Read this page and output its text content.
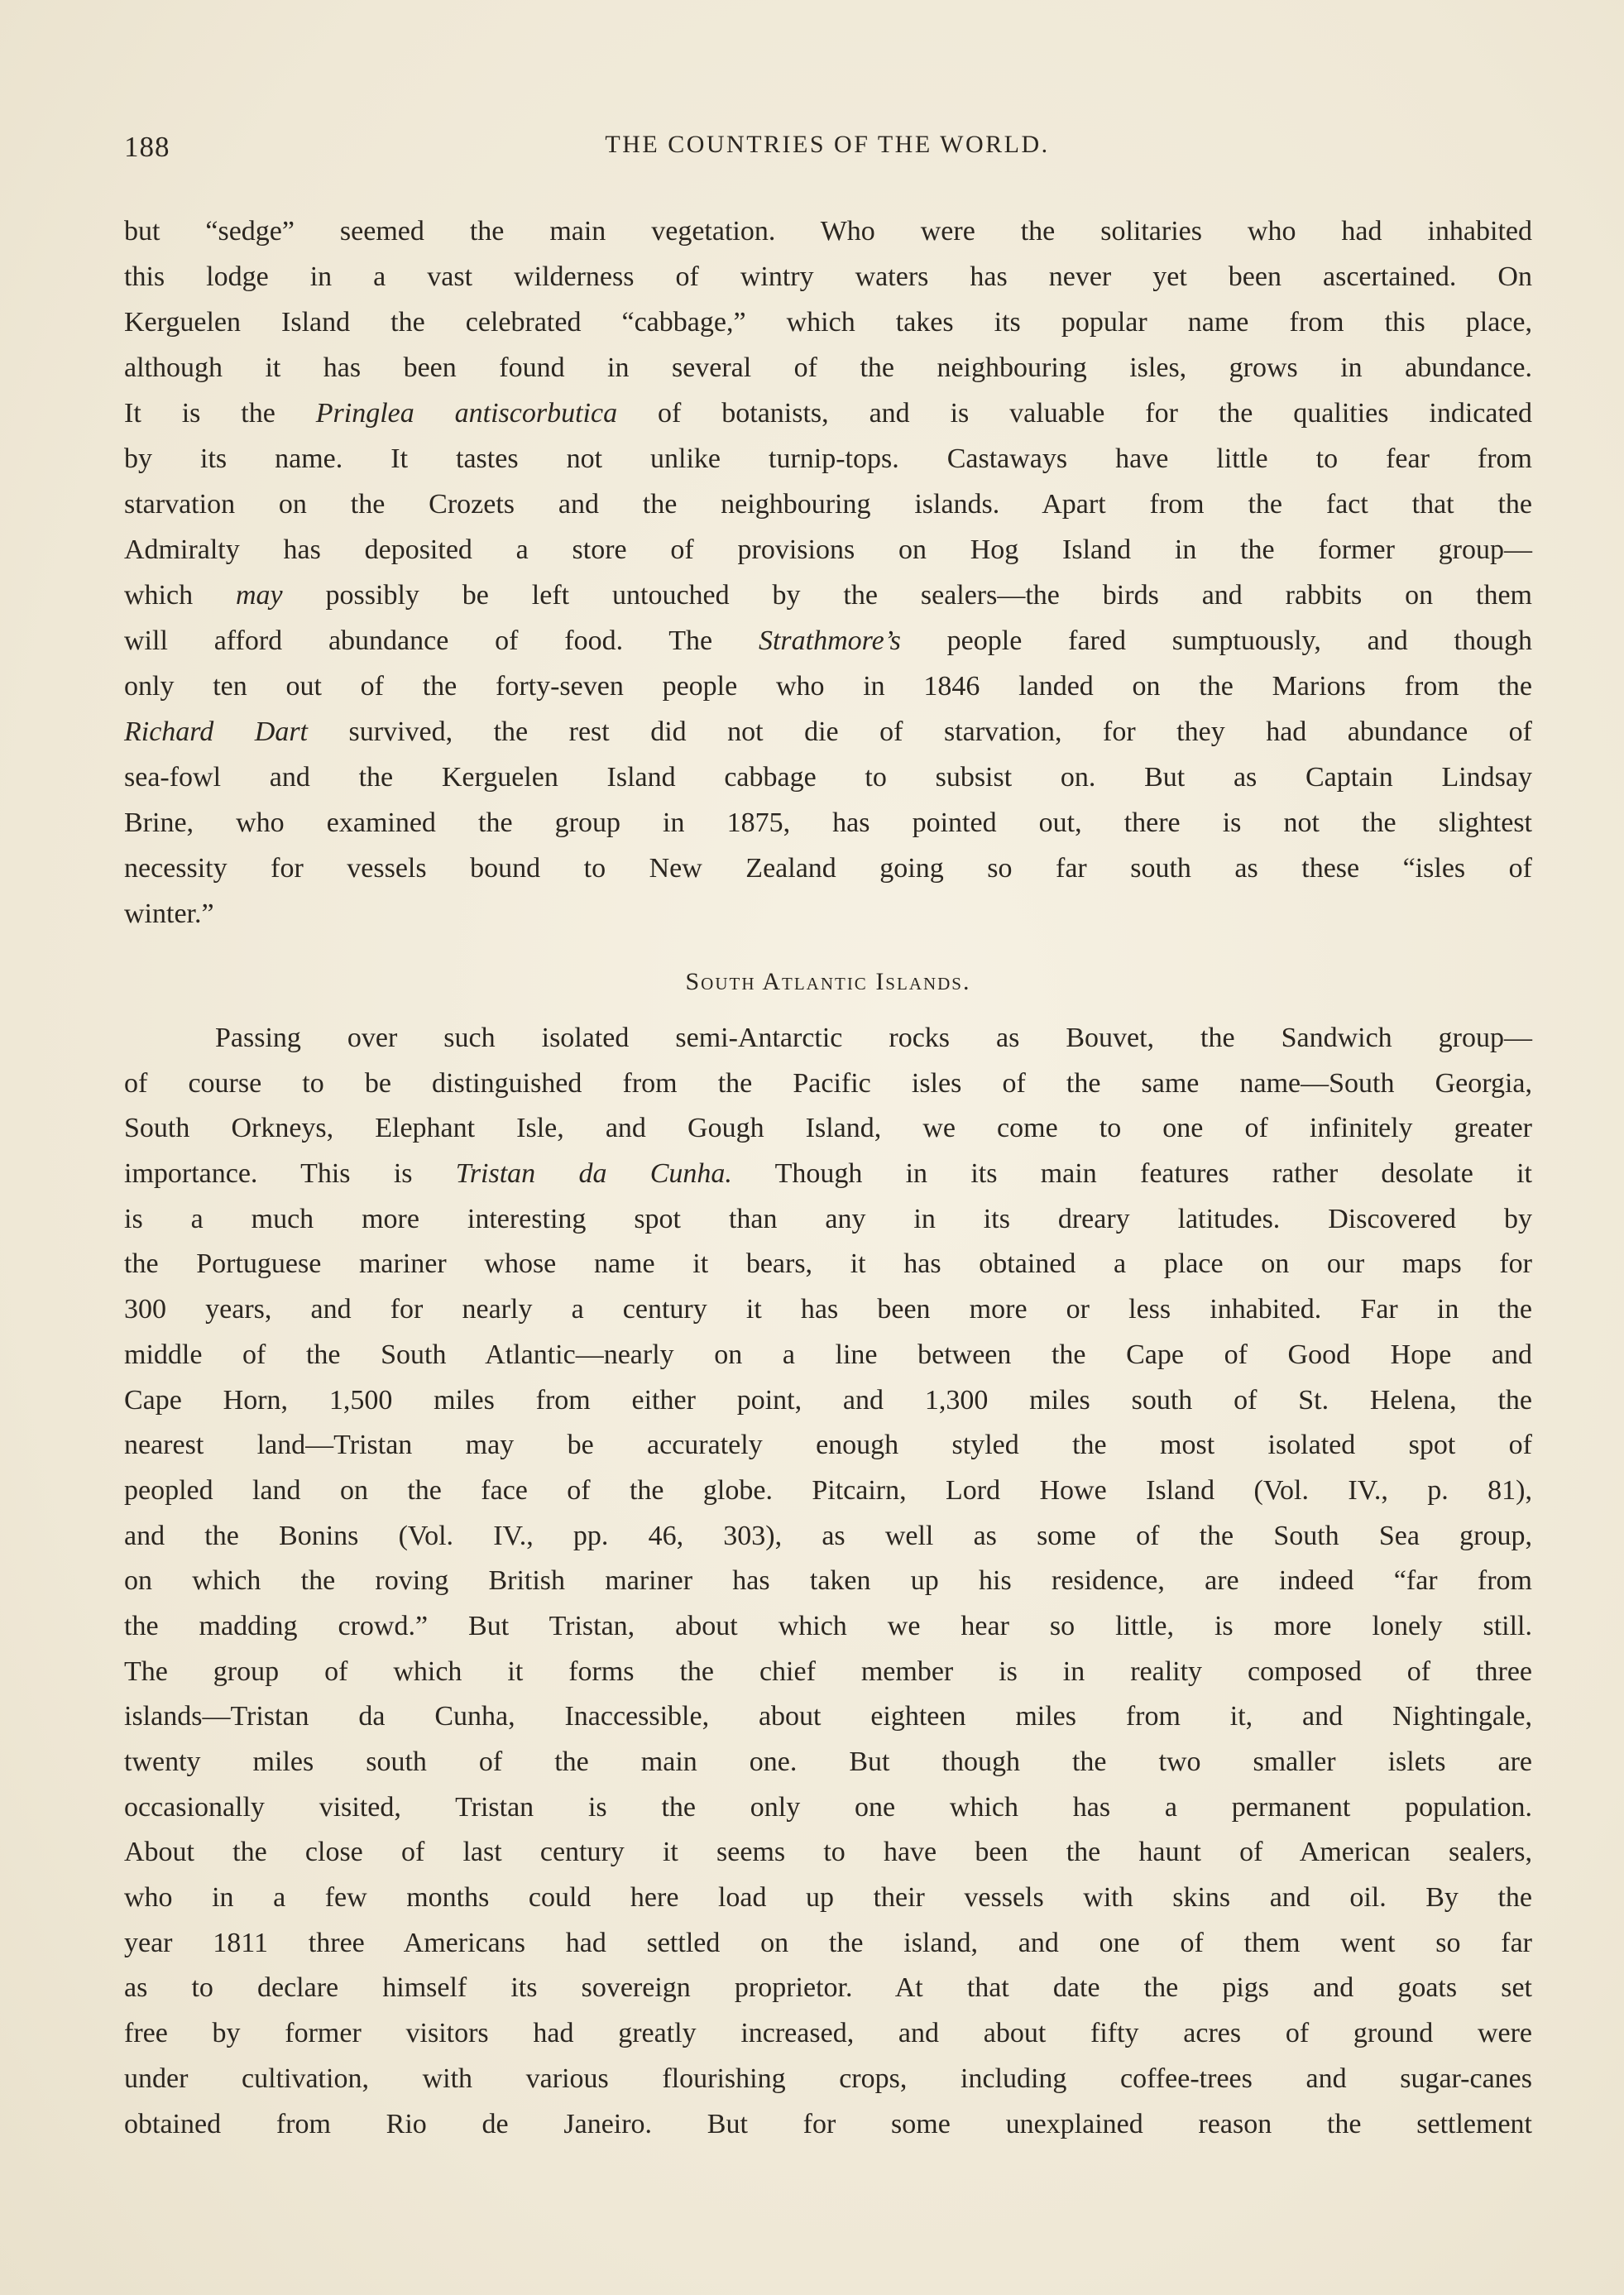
188	THE COUNTRIES OF THE WORLD.
but “sedge” seemed the main vegetation. Who were the solitaries who had inhabited
this lodge in a vast wilderness of wintry waters has never yet been ascertained. On
Kerguelen Island the celebrated “cabbage,” which takes its popular name from this place,
although it has been found in several of the neighbouring isles, grows in abundance.
It is the Pringlea antiscorbutica of botanists, and is valuable for the qualities indicated
by its name. It tastes not unlike turnip-tops. Castaways have little to fear from
starvation on the Crozets and the neighbouring islands. Apart from the fact that the
Admiralty has deposited a store of provisions on Hog Island in the former group—
which may possibly be left untouched by the sealers—the birds and rabbits on them
will afford abundance of food. The Strathmore’s people fared sumptuously, and though
only ten out of the forty-seven people who in 1846 landed on the Marions from the
Richard Dart survived, the rest did not die of starvation, for they had abundance of
sea-fowl and the Kerguelen Island cabbage to subsist on. But as Captain Lindsay
Brine, who examined the group in 1875, has pointed out, there is not the slightest
necessity for vessels bound to New Zealand going so far south as these “isles of
winter.”
South Atlantic Islands.
Passing over such isolated semi-Antarctic rocks as Bouvet, the Sandwich group—
of course to be distinguished from the Pacific isles of the same name—South Georgia,
South Orkneys, Elephant Isle, and Gough Island, we come to one of infinitely greater
importance. This is Tristan da Cunha. Though in its main features rather desolate it
is a much more interesting spot than any in its dreary latitudes. Discovered by
the Portuguese mariner whose name it bears, it has obtained a place on our maps for
300 years, and for nearly a century it has been more or less inhabited. Far in the
middle of the South Atlantic—nearly on a line between the Cape of Good Hope and
Cape Horn, 1,500 miles from either point, and 1,300 miles south of St. Helena, the
nearest land—Tristan may be accurately enough styled the most isolated spot of
peopled land on the face of the globe. Pitcairn, Lord Howe Island (Vol. IV., p. 81),
and the Bonins (Vol. IV., pp. 46, 303), as well as some of the South Sea group,
on which the roving British mariner has taken up his residence, are indeed “far from
the madding crowd.” But Tristan, about which we hear so little, is more lonely still.
The group of which it forms the chief member is in reality composed of three
islands—Tristan da Cunha, Inaccessible, about eighteen miles from it, and Nightingale,
twenty miles south of the main one. But though the two smaller islets are
occasionally visited, Tristan is the only one which has a permanent population.
About the close of last century it seems to have been the haunt of American sealers,
who in a few months could here load up their vessels with skins and oil. By the
year 1811 three Americans had settled on the island, and one of them went so far
as to declare himself its sovereign proprietor. At that date the pigs and goats set
free by former visitors had greatly increased, and about fifty acres of ground were
under cultivation, with various flourishing crops, including coffee-trees and sugar-canes
obtained from Rio de Janeiro. But for some unexplained reason the settlement
